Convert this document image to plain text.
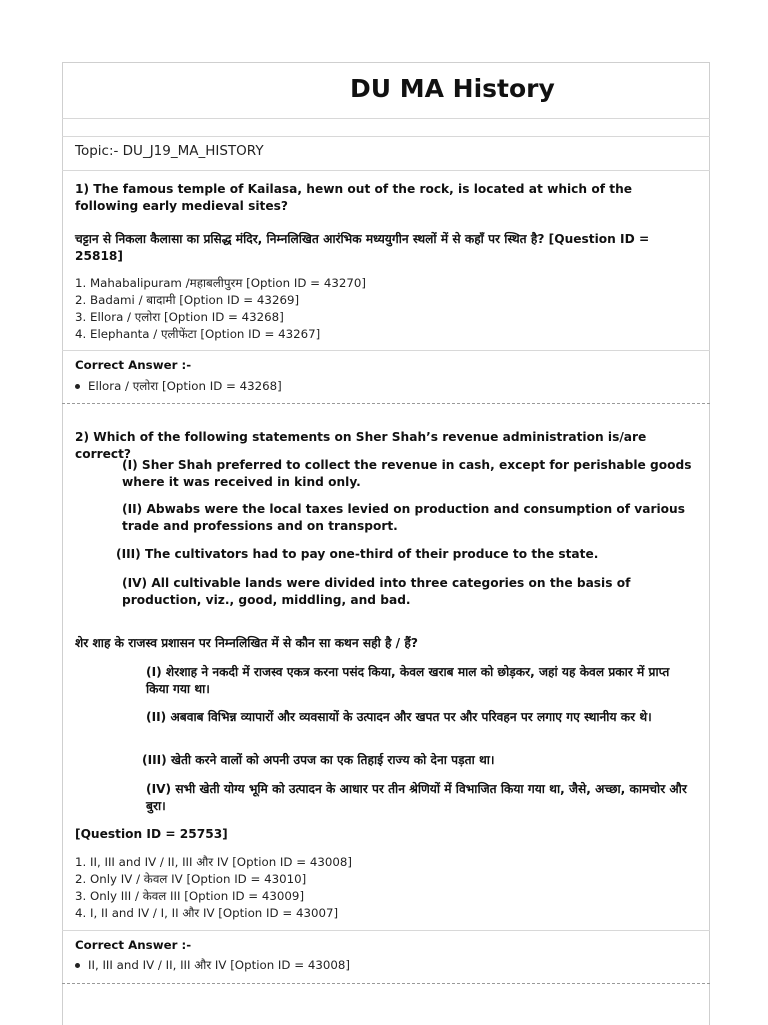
DU MA History
Topic:- DU_J19_MA_HISTORY
1) The famous temple of Kailasa, hewn out of the rock, is located at which of the following early medieval sites?
चट्टान से निकला कैलासा का प्रसिद्ध मंदिर, निम्नलिखित आरंभिक मध्ययुगीन स्थलों में से कहाँ पर स्थित है? [Question ID = 25818]
1. Mahabalipuram /महाबलीपुरम [Option ID = 43270]
2. Badami / बादामी [Option ID = 43269]
3. Ellora / एलोरा [Option ID = 43268]
4. Elephanta / एलीफेंटा [Option ID = 43267]
Correct Answer :-
Ellora / एलोरा [Option ID = 43268]
2) Which of the following statements on Sher Shah’s revenue administration is/are correct?
(I) Sher Shah preferred to collect the revenue in cash, except for perishable goods where it was received in kind only.
(II) Abwabs were the local taxes levied on production and consumption of various trade and professions and on transport.
(III) The cultivators had to pay one-third of their produce to the state.
(IV) All cultivable lands were divided into three categories on the basis of production, viz., good, middling, and bad.
शेर शाह के राजस्व प्रशासन पर निम्नलिखित में से कौन सा कथन सही है / हैं?
(I) शेरशाह ने नकदी में राजस्व एकत्र करना पसंद किया, केवल खराब माल को छोड़कर, जहां यह केवल प्रकार में प्राप्त किया गया था।
(II) अबवाब विभिन्न व्यापारों और व्यवसायों के उत्पादन और खपत पर और परिवहन पर लगाए गए स्थानीय कर थे।
(III) खेती करने वालों को अपनी उपज का एक तिहाई राज्य को देना पड़ता था।
(IV) सभी खेती योग्य भूमि को उत्पादन के आधार पर तीन श्रेणियों में विभाजित किया गया था, जैसे, अच्छा, कामचोर और बुरा।
[Question ID = 25753]
1. II, III and IV / II, III और IV [Option ID = 43008]
2. Only IV / केवल IV [Option ID = 43010]
3. Only III / केवल III [Option ID = 43009]
4. I, II and IV / I, II और IV [Option ID = 43007]
Correct Answer :-
II, III and IV / II, III और IV [Option ID = 43008]
